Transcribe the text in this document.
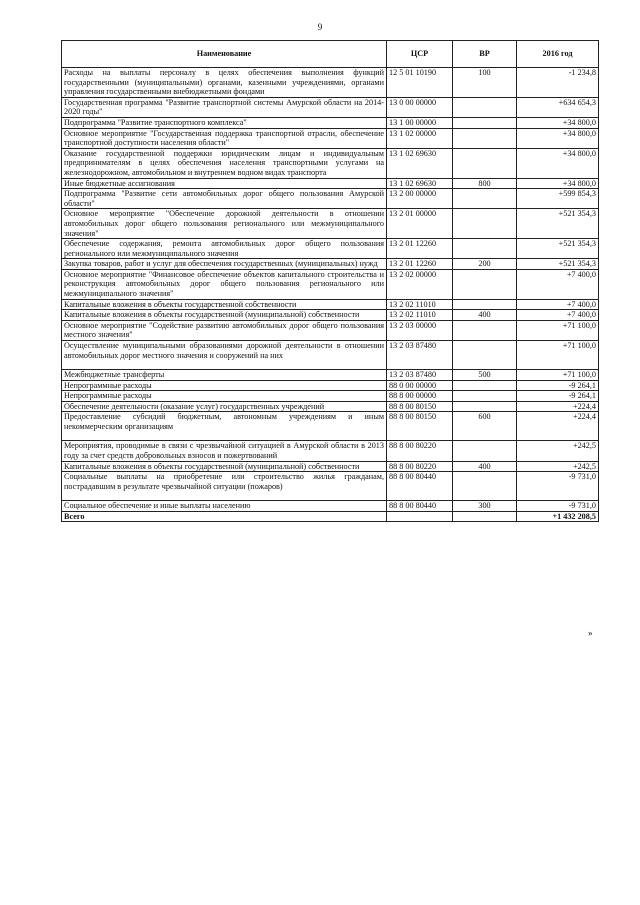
9
Наименование	ЦСР	ВР	2016 год
Расходы на выплаты персоналу в целях обеспечения выполнения функций государственными (муниципальными) органами, казенными учреждениями, органами управления государственными внебюджетными фондами	12 5 01 10190	100	-1 234,8
Государственная программа "Развитие транспортной системы Амурской области на 2014-2020 годы"	13 0 00 00000		+634 654,3
Подпрограмма "Развитие транспортного комплекса"	13 1 00 00000		+34 800,0
Основное мероприятие "Государственная поддержка транспортной отрасли, обеспечение транспортной доступности населения области"	13 1 02 00000		+34 800,0
Оказание государственной поддержки юридическим лицам и индивидуальным предпринимателям в целях обеспечения населения транспортными услугами на железнодорожном, автомобильном и внутреннем водном видах транспорта	13 1 02 69630		+34 800,0
Иные бюджетные ассигнования	13 1 02 69630	800	+34 800,0
Подпрограмма "Развитие сети автомобильных дорог общего пользования Амурской области"	13 2 00 00000		+599 854,3
Основное мероприятие "Обеспечение дорожной деятельности в отношении автомобильных дорог общего пользования регионального или межмуниципального значения"	13 2 01 00000		+521 354,3
Обеспечение содержания, ремонта автомобильных дорог общего пользования регионального или межмуниципального значения	13 2 01 12260		+521 354,3
Закупка товаров, работ и услуг для обеспечения государственных (муниципальных) нужд	13 2 01 12260	200	+521 354,3
Основное мероприятие "Финансовое обеспечение объектов капитального строительства и реконструкция автомобильных дорог общего пользования регионального или межмуниципального значения"	13 2 02 00000		+7 400,0
Капитальные вложения в объекты государственной собственности	13 2 02 11010		+7 400,0
Капитальные вложения в объекты государственной (муниципальной) собственности	13 2 02 11010	400	+7 400,0
Основное мероприятие "Содействие развитию автомобильных дорог общего пользования местного значения"	13 2 03 00000		+71 100,0
Осуществление муниципальными образованиями дорожной деятельности в отношении автомобильных дорог местного значения и сооружений на них	13 2 03 87480		+71 100,0
Межбюджетные трансферты	13 2 03 87480	500	+71 100,0
Непрограммные расходы	88 0 00 00000		-9 264,1
Непрограммные расходы	88 8 00 00000		-9 264,1
Обеспечение деятельности (оказание услуг) государственных учреждений	88 8 00 80150		+224,4
Предоставление субсидий бюджетным, автономным учреждениям и иным некоммерческим организациям	88 8 00 80150	600	+224,4
Мероприятия, проводимые в связи с чрезвычайной ситуацией в Амурской области в 2013 году за счет средств добровольных взносов и пожертвований	88 8 00 80220		+242,5
Капитальные вложения в объекты государственной (муниципальной) собственности	88 8 00 80220	400	+242,5
Социальные выплаты на приобретение или строительство жилья гражданам, пострадавшим в результате чрезвычайной ситуации (пожаров)	88 8 00 80440		-9 731,0
Социальное обеспечение и иные выплаты населению	88 8 00 80440	300	-9 731,0
Всего			+1 432 208,5
»
